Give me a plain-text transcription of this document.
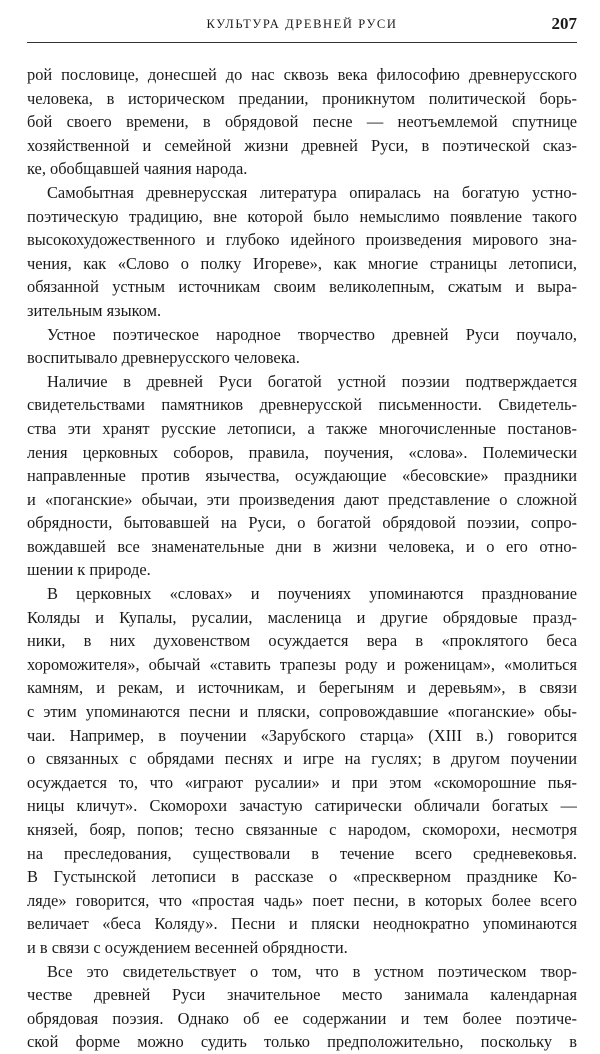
КУЛЬТУРА ДРЕВНЕЙ РУСИ	207
рой пословице, донесшей до нас сквозь века философию древнерусского
человека, в историческом предании, проникнутом политической борь-
бой своего времени, в обрядовой песне — неотъемлемой спутнице
хозяйственной и семейной жизни древней Руси, в поэтической сказ-
ке, обобщавшей чаяния народа.
Самобытная древнерусская литература опиралась на богатую устно-
поэтическую традицию, вне которой было немыслимо появление такого
высокохудожественного и глубоко идейного произведения мирового зна-
чения, как «Слово о полку Игореве», как многие страницы летописи,
обязанной устным источникам своим великолепным, сжатым и выра-
зительным языком.
Устное поэтическое народное творчество древней Руси поучало,
воспитывало древнерусского человека.
Наличие в древней Руси богатой устной поэзии подтверждается
свидетельствами памятников древнерусской письменности. Свидетель-
ства эти хранят русские летописи, а также многочисленные постанов-
ления церковных соборов, правила, поучения, «слова». Полемически
направленные против язычества, осуждающие «бесовские» праздники
и «поганские» обычаи, эти произведения дают представление о сложной
обрядности, бытовавшей на Руси, о богатой обрядовой поэзии, сопро-
вождавшей все знаменательные дни в жизни человека, и о его отно-
шении к природе.
В церковных «словах» и поучениях упоминаются празднование
Коляды и Купалы, русалии, масленица и другие обрядовые празд-
ники, в них духовенством осуждается вера в «проклятого беса
хороможителя», обычай «ставить трапезы роду и роженицам», «молиться
камням, и рекам, и источникам, и берегыням и деревьям», в связи
с этим упоминаются песни и пляски, сопровождавшие «поганские» обы-
чаи. Например, в поучении «Зарубского старца» (XIII в.) говорится
о связанных с обрядами песнях и игре на гуслях; в другом поучении
осуждается то, что «играют русалии» и при этом «скоморошние пья-
ницы кличут». Скоморохи зачастую сатирически обличали богатых —
князей, бояр, попов; тесно связанные с народом, скоморохи, несмотря
на преследования, существовали в течение всего средневековья.
В Густынской летописи в рассказе о «прескверном празднике Ко-
ляде» говорится, что «простая чадь» поет песни, в которых более всего
величает «беса Коляду». Песни и пляски неоднократно упоминаются
и в связи с осуждением весенней обрядности.
Все это свидетельствует о том, что в устном поэтическом твор-
честве древней Руси значительное место занимала календарная
обрядовая поэзия. Однако об ее содержании и тем более поэтиче-
ской форме можно судить только предположительно, поскольку в
